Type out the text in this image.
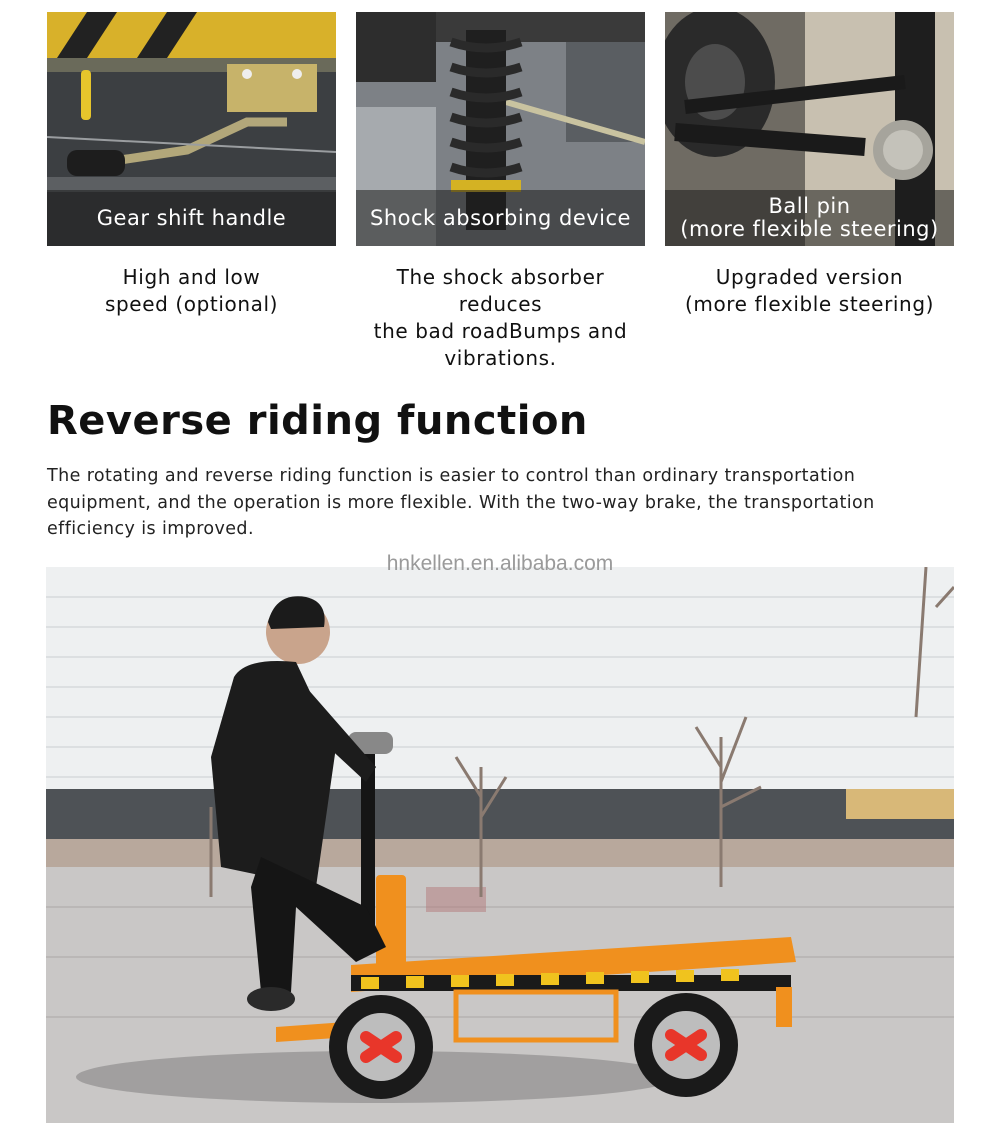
Gear shift handle
High and low
speed (optional)
Shock absorbing device
The shock absorber reduces
the bad roadBumps and
vibrations.
Ball pin
(more flexible steering)
Upgraded version
(more flexible steering)
Reverse riding function

The rotating and reverse riding function is easier to control than ordinary transportation equipment, and the operation is more flexible. With the two-way brake, the transportation efficiency is improved.

hnkellen.en.alibaba.com
